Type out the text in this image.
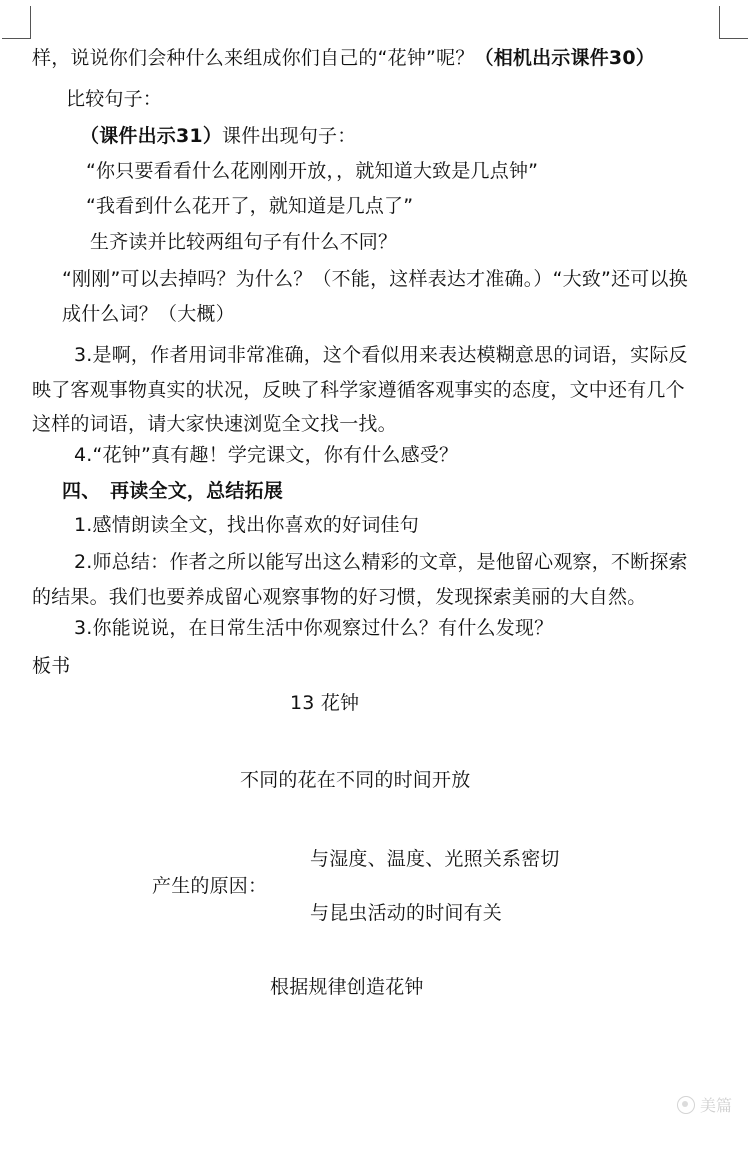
样，说说你们会种什么来组成你们自己的“花钟”呢？（相机出示课件30）
比较句子：
（课件出示31）课件出现句子：
“你只要看看什么花刚刚开放，，就知道大致是几点钟”
“我看到什么花开了，就知道是几点了”
生齐读并比较两组句子有什么不同？
“刚刚”可以去掉吗？为什么？（不能，这样表达才准确。）“大致”还可以换
成什么词？（大概）
3.是啊，作者用词非常准确，这个看似用来表达模糊意思的词语，实际反
映了客观事物真实的状况，反映了科学家遵循客观事实的态度，文中还有几个
这样的词语，请大家快速浏览全文找一找。
4.“花钟”真有趣！学完课文，你有什么感受？
四、　再读全文，总结拓展
1.感情朗读全文，找出你喜欢的好词佳句
2.师总结：作者之所以能写出这么精彩的文章，是他留心观察，不断探索
的结果。我们也要养成留心观察事物的好习惯，发现探索美丽的大自然。
3.你能说说，在日常生活中你观察过什么？有什么发现？
板书
13 花钟
不同的花在不同的时间开放
与湿度、温度、光照关系密切
产生的原因：
与昆虫活动的时间有关
根据规律创造花钟
美篇
